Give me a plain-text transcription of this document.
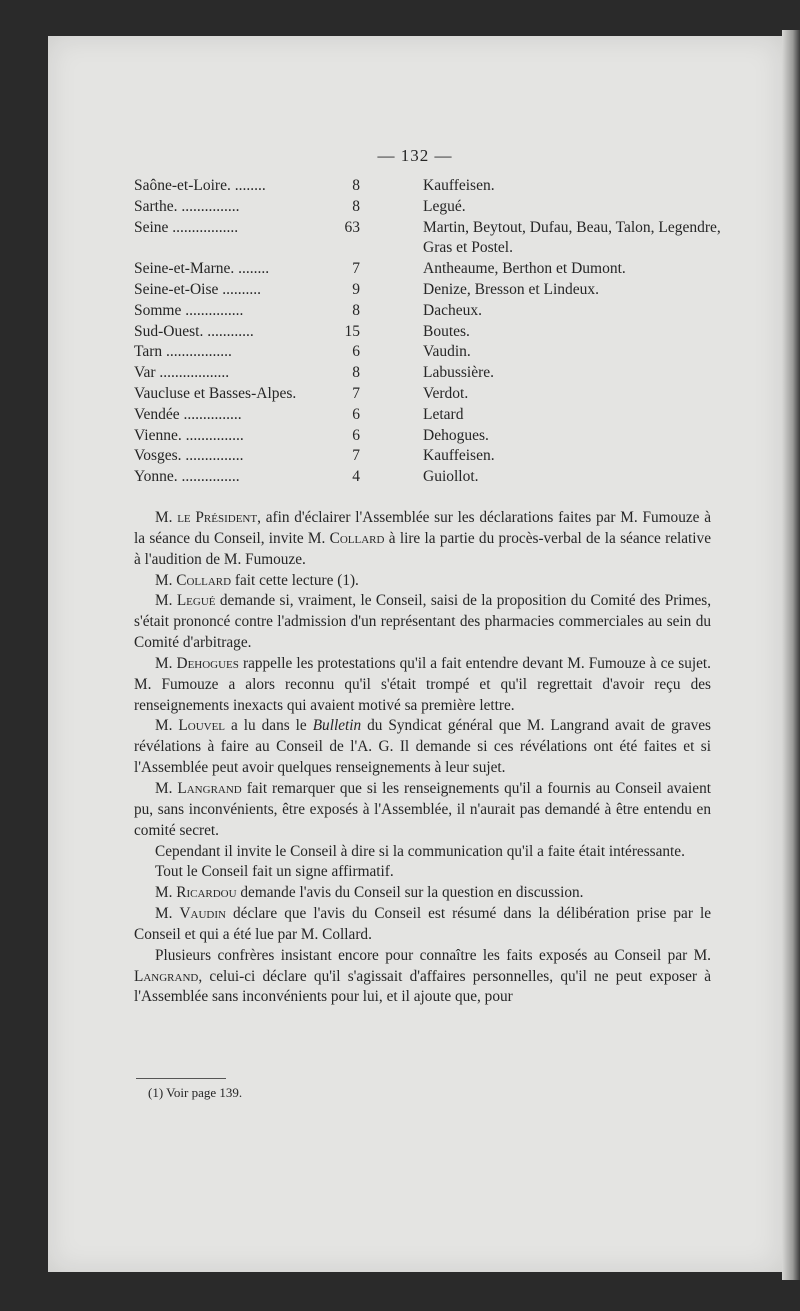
— 132 —
Saône-et-Loire. ........	8	Kauffeisen.
Sarthe. ...............	8	Legué.
Seine .................	63	Martin, Beytout, Dufau, Beau, Talon, Legendre, Gras et Postel.
Seine-et-Marne. ........	7	Antheaume, Berthon et Dumont.
Seine-et-Oise ..........	9	Denize, Bresson et Lindeux.
Somme ...............	8	Dacheux.
Sud-Ouest. ............	15	Boutes.
Tarn .................	6	Vaudin.
Var ..................	8	Labussière.
Vaucluse et Basses-Alpes.	7	Verdot.
Vendée ...............	6	Letard
Vienne. ...............	6	Dehogues.
Vosges. ...............	7	Kauffeisen.
Yonne. ...............	4	Guiollot.

M. le Président, afin d'éclairer l'Assemblée sur les déclarations faites par M. Fumouze à la séance du Conseil, invite M. Collard à lire la partie du procès-verbal de la séance relative à l'audition de M. Fumouze.

M. Collard fait cette lecture (1).

M. Legué demande si, vraiment, le Conseil, saisi de la proposition du Comité des Primes, s'était prononcé contre l'admission d'un représentant des pharmacies commerciales au sein du Comité d'arbitrage.

M. Dehogues rappelle les protestations qu'il a fait entendre devant M. Fumouze à ce sujet. M. Fumouze a alors reconnu qu'il s'était trompé et qu'il regrettait d'avoir reçu des renseignements inexacts qui avaient motivé sa première lettre.

M. Louvel a lu dans le Bulletin du Syndicat général que M. Langrand avait de graves révélations à faire au Conseil de l'A. G. Il demande si ces révélations ont été faites et si l'Assemblée peut avoir quelques renseignements à leur sujet.

M. Langrand fait remarquer que si les renseignements qu'il a fournis au Conseil avaient pu, sans inconvénients, être exposés à l'Assemblée, il n'aurait pas demandé à être entendu en comité secret.

Cependant il invite le Conseil à dire si la communication qu'il a faite était intéressante.

Tout le Conseil fait un signe affirmatif.

M. Ricardou demande l'avis du Conseil sur la question en discussion.

M. Vaudin déclare que l'avis du Conseil est résumé dans la délibération prise par le Conseil et qui a été lue par M. Collard.

Plusieurs confrères insistant encore pour connaître les faits exposés au Conseil par M. Langrand, celui-ci déclare qu'il s'agissait d'affaires personnelles, qu'il ne peut exposer à l'Assemblée sans inconvénients pour lui, et il ajoute que, pour

(1) Voir page 139.
